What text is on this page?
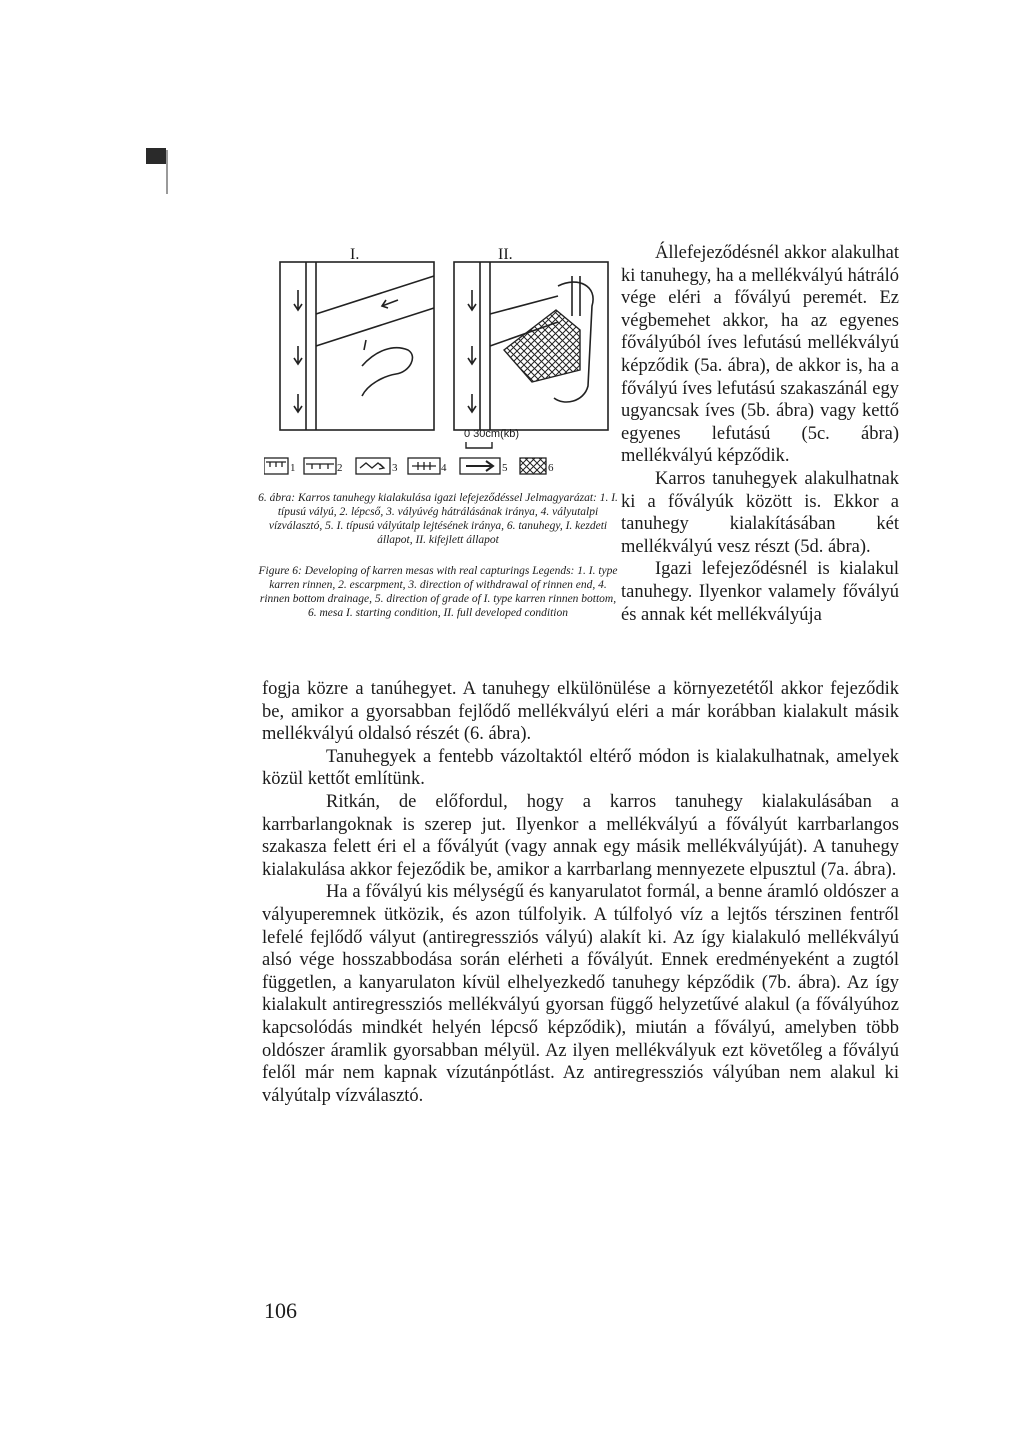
I.	II.
0 30cm(kb)
1	2	3	4	5	6
6. ábra: Karros tanuhegy kialakulása igazi lefejeződéssel Jelmagyarázat: 1. I. típusú vályú, 2. lépcső, 3. vályúvég hátrálásának iránya, 4. vályutalpi vízválasztó, 5. I. típusú vályútalp lejtésének iránya, 6. tanuhegy, I. kezdeti állapot, II. kifejlett állapot
Figure 6: Developing of karren mesas with real capturings Legends: 1. I. type karren rinnen, 2. escarpment, 3. direction of withdrawal of rinnen end, 4. rinnen bottom drainage, 5. direction of grade of I. type karren rinnen bottom, 6. mesa I. starting condition, II. full developed condition

Állefejeződésnél akkor alakulhat ki tanuhegy, ha a mellékvályú hátráló vége eléri a fővályú peremét. Ez végbemehet akkor, ha az egyenes fővályúból íves lefutású mellékvályú képződik (5a. ábra), de akkor is, ha a fővályú íves lefutású szakaszánál egy ugyancsak íves (5b. ábra) vagy kettő egyenes lefutású (5c. ábra) mellékvályú képződik.

Karros tanuhegyek alakulhatnak ki a fővályúk között is. Ekkor a tanuhegy kialakításában két mellékvályú vesz részt (5d. ábra).

Igazi lefejeződésnél is kialakul tanuhegy. Ilyenkor valamely fővályú és annak két mellékvályúja

fogja közre a tanúhegyet. A tanuhegy elkülönülése a környezetétől akkor fejeződik be, amikor a gyorsabban fejlődő mellékvályú eléri a már korábban kialakult másik mellékvályú oldalsó részét (6. ábra).

Tanuhegyek a fentebb vázoltaktól eltérő módon is kialakulhatnak, amelyek közül kettőt említünk.

Ritkán, de előfordul, hogy a karros tanuhegy kialakulásában a karrbarlangoknak is szerep jut. Ilyenkor a mellékvályú a fővályút karrbarlangos szakasza felett éri el a fővályút (vagy annak egy másik mellékvályúját). A tanuhegy kialakulása akkor fejeződik be, amikor a karrbarlang mennyezete elpusztul (7a. ábra).

Ha a fővályú kis mélységű és kanyarulatot formál, a benne áramló oldószer a vályuperemnek ütközik, és azon túlfolyik. A túlfolyó víz a lejtős térszinen fentről lefelé fejlődő vályut (antiregressziós vályú) alakít ki. Az így kialakuló mellékvályú alsó vége hosszabbodása során elérheti a fővályút. Ennek eredményeként a zugtól független, a kanyarulaton kívül elhelyezkedő tanuhegy képződik (7b. ábra). Az így kialakult antiregressziós mellékvályú gyorsan függő helyzetűvé alakul (a fővályúhoz kapcsolódás mindkét helyén lépcső képződik), miután a fővályú, amelyben több oldószer áramlik gyorsabban mélyül. Az ilyen mellékvályuk ezt követőleg a fővályú felől már nem kapnak vízutánpótlást. Az antiregressziós vályúban nem alakul ki vályútalp vízválasztó.

106
